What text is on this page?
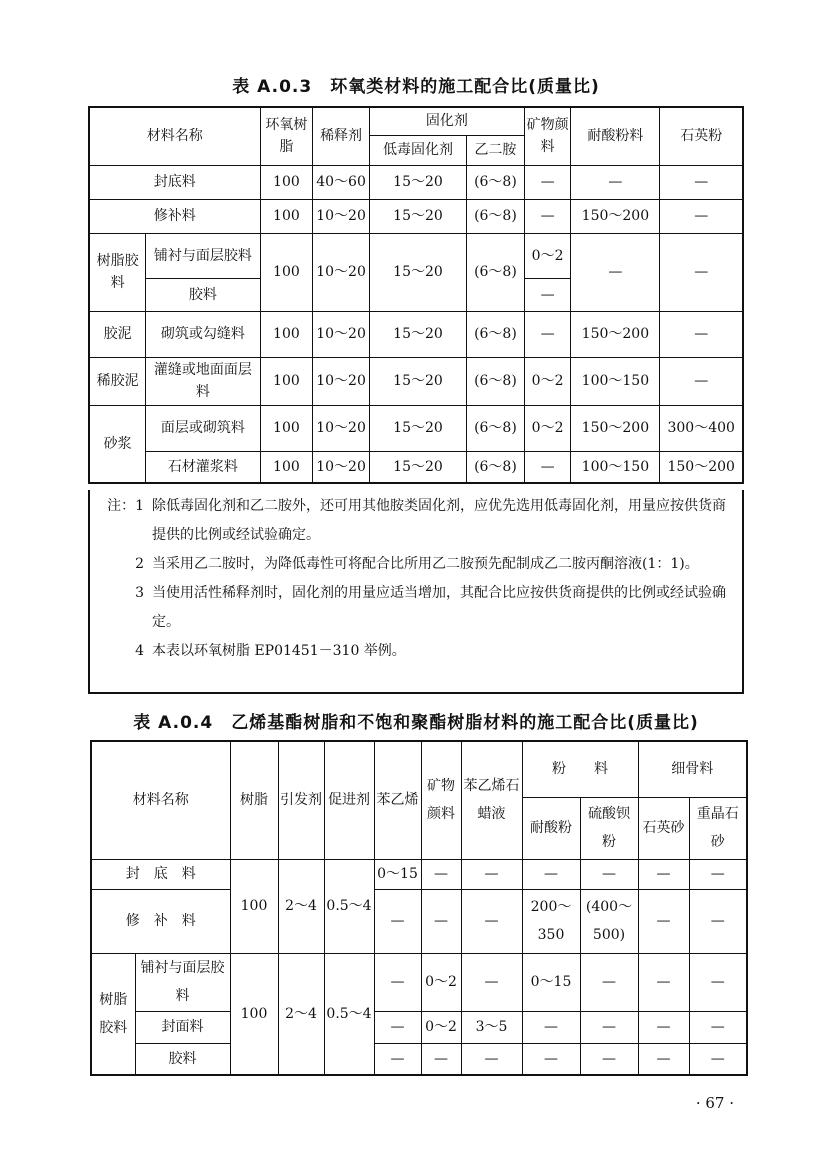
表 A.0.3　环氧类材料的施工配合比(质量比)
材料名称		环氧树脂	稀释剂	固化剂		矿物颜料	耐酸粉料	石英粉
				低毒固化剂	乙二胺			
封底料		100	40～60	15～20	(6～8)	—	—	—
修补料		100	10～20	15～20	(6～8)	—	150～200	—
树脂胶料	铺衬与面层胶料	100	10～20	15～20	(6～8)	0～2	—	—
	胶料					—		
胶泥	砌筑或勾缝料	100	10～20	15～20	(6～8)	—	150～200	—
稀胶泥	灌缝或地面面层料	100	10～20	15～20	(6～8)	0～2	100～150	—
砂浆	面层或砌筑料	100	10～20	15～20	(6～8)	0～2	150～200	300～400
	石材灌浆料	100	10～20	15～20	(6～8)	—	100～150	150～200
注：1 除低毒固化剂和乙二胺外，还可用其他胺类固化剂，应优先选用低毒固化剂，用量应按供货商提供的比例或经试验确定。
2 当采用乙二胺时，为降低毒性可将配合比所用乙二胺预先配制成乙二胺丙酮溶液(1：1)。
3 当使用活性稀释剂时，固化剂的用量应适当增加，其配合比应按供货商提供的比例或经试验确定。
4 本表以环氧树脂 EP01451－310 举例。
表 A.0.4　乙烯基酯树脂和不饱和聚酯树脂材料的施工配合比(质量比)
材料名称		树脂	引发剂	促进剂	苯乙烯	矿物颜料	苯乙烯石蜡液	粉　　料		细骨料	
								耐酸粉	硫酸钡粉	石英砂	重晶石砂
封　底　料		100	2～4	0.5～4	0～15	—	—	—	—	—	—
修　补　料					—	—	—	200～350	(400～500)	—	—
树脂胶料	铺衬与面层胶料	100	2～4	0.5～4	—	0～2	—	0～15	—	—	—
	封面料				—	0～2	3～5	—	—	—	—
	胶料				—	—	—	—	—	—	—
· 67 ·
